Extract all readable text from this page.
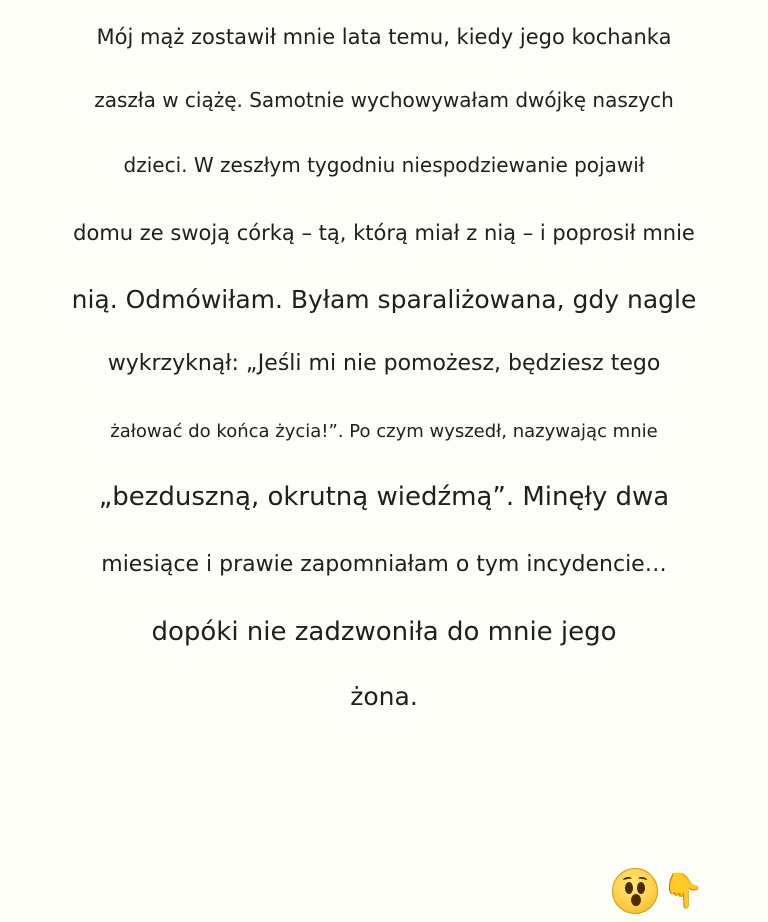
Mój mąż zostawił mnie lata temu, kiedy jego kochanka
zaszła w ciążę. Samotnie wychowywałam dwójkę naszych
dzieci. W zeszłym tygodniu niespodziewanie pojawił
domu ze swoją córką – tą, którą miał z nią – i poprosił mnie
nią. Odmówiłam. Byłam sparaliżowana, gdy nagle
wykrzyknął: „Jeśli mi nie pomożesz, będziesz tego
żałować do końca życia!”. Po czym wyszedł, nazywając mnie
„bezduszną, okrutną wiedźmą”. Minęły dwa
miesiące i prawie zapomniałam o tym incydencie…
dopóki nie zadzwoniła do mnie jego
żona.
👇
